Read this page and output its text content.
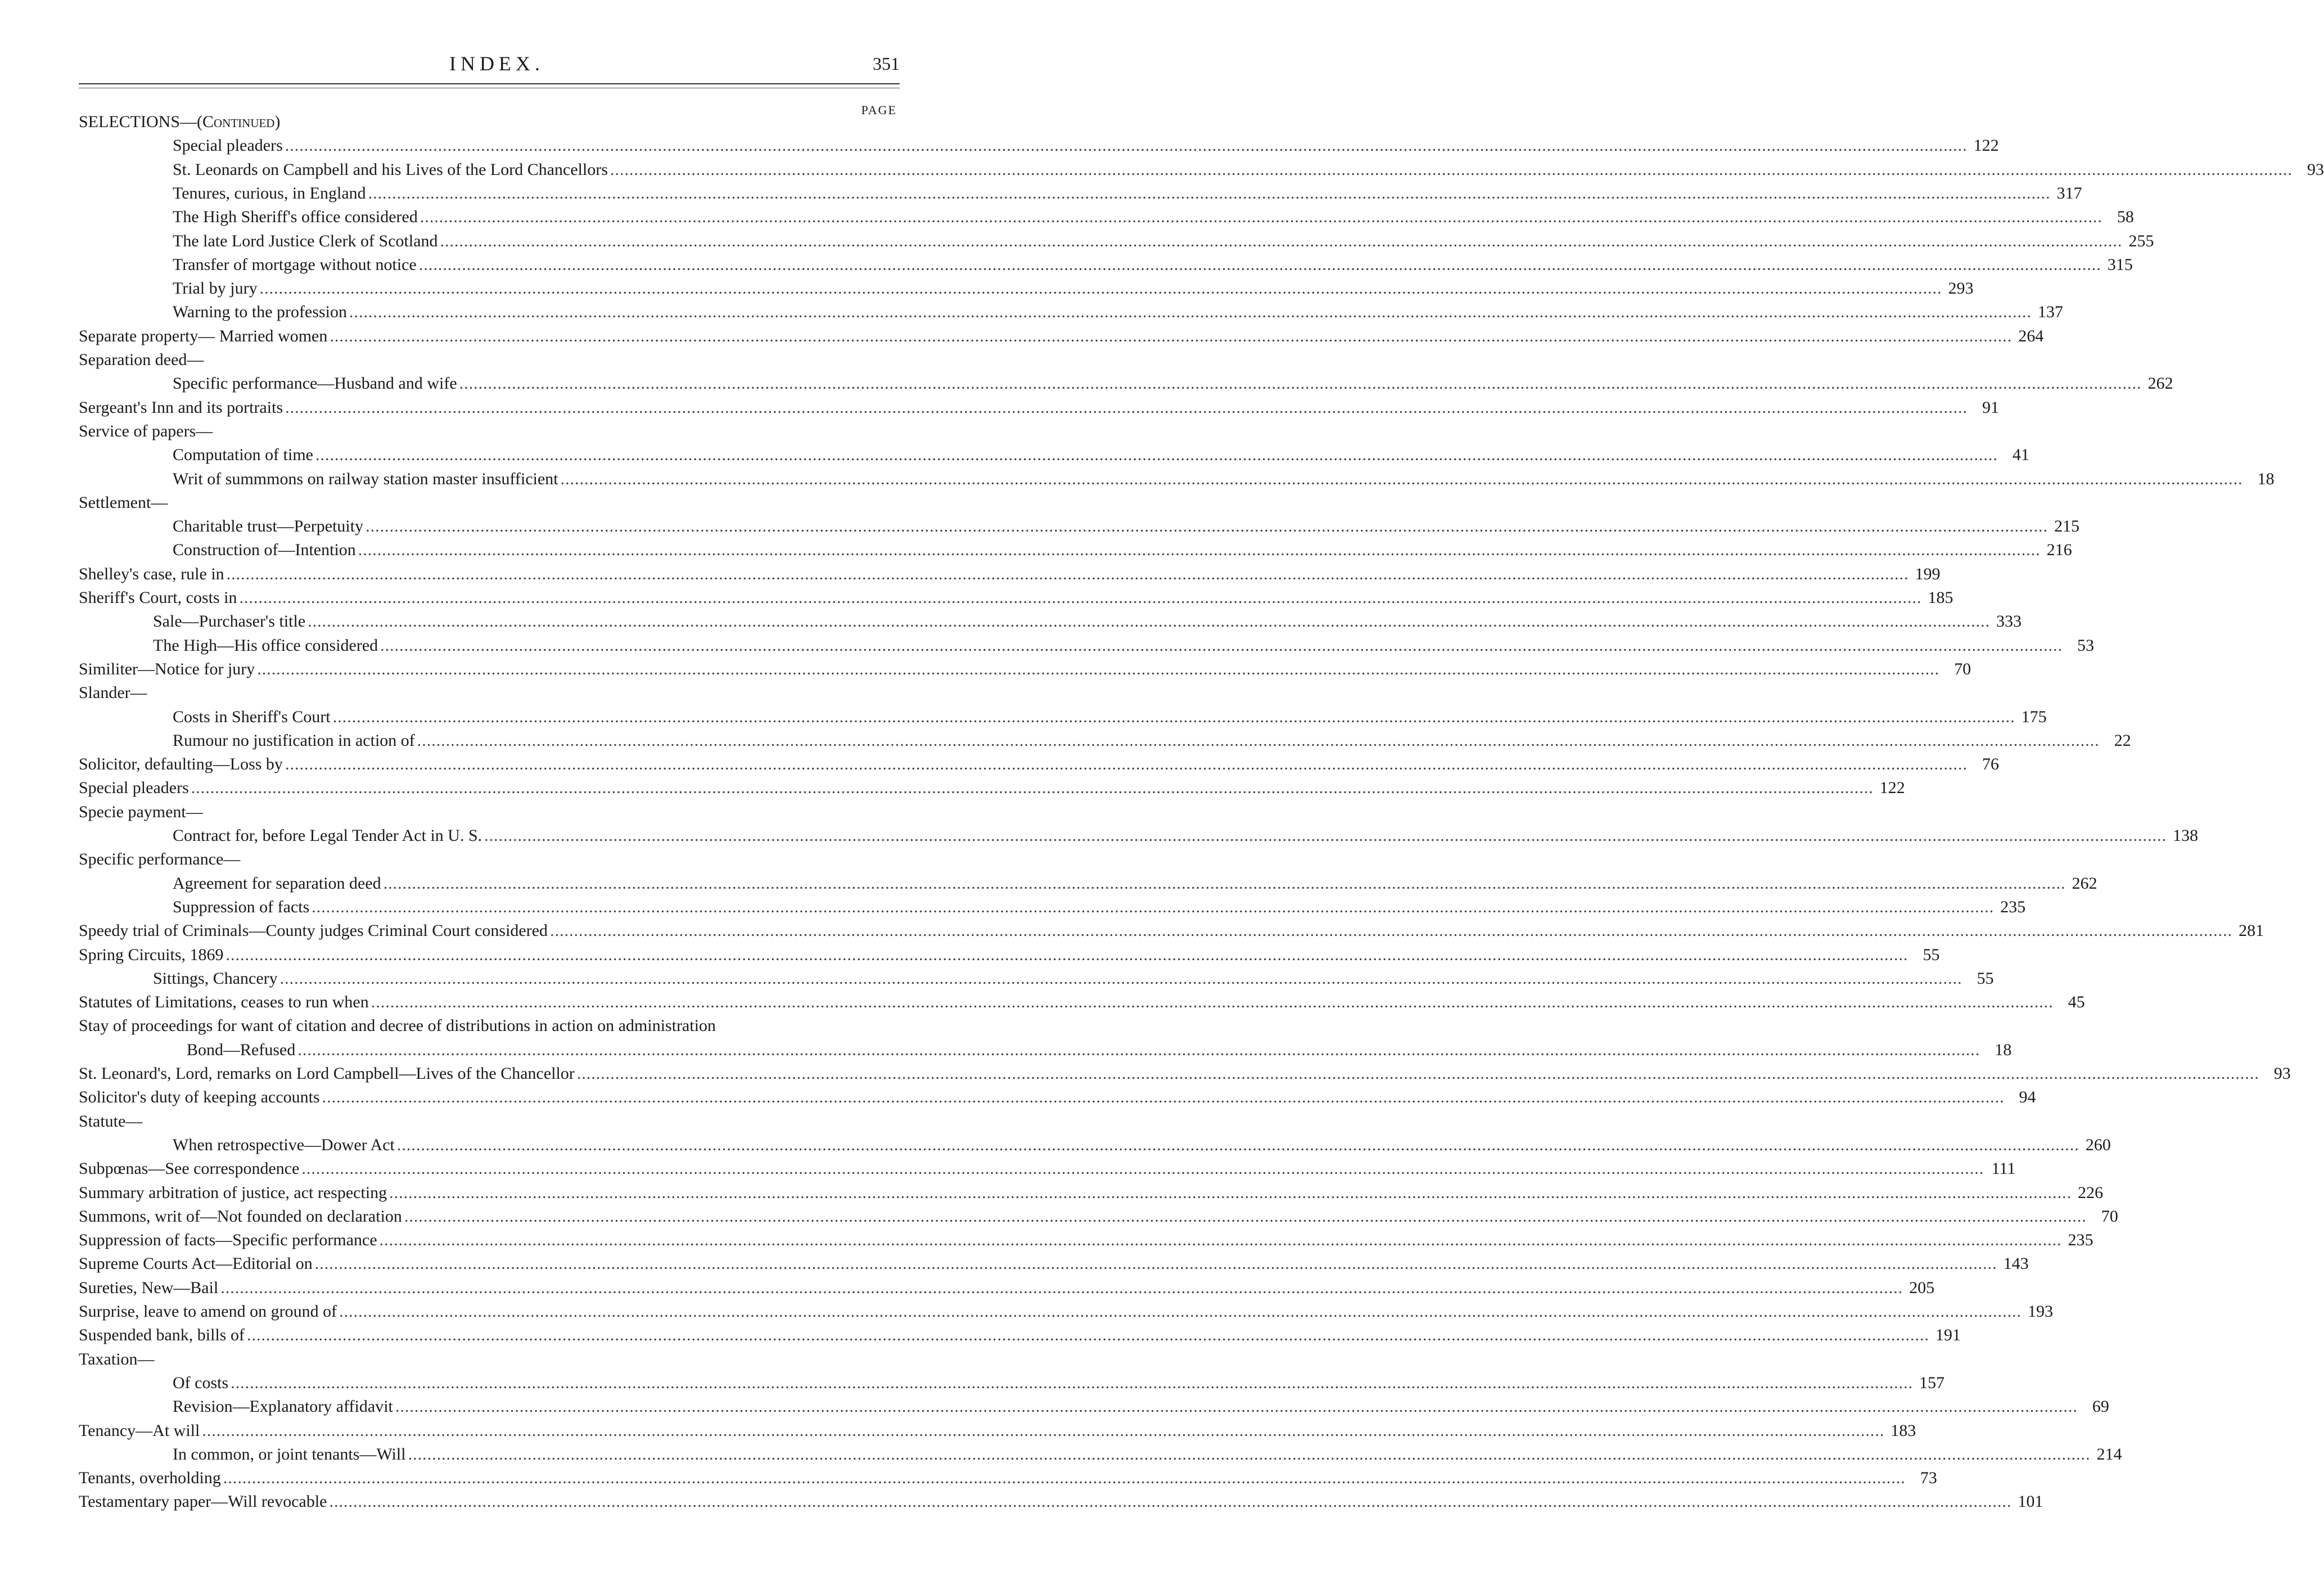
INDEX.	351
PAGE
SELECTIONS—(Continued)
Special pleaders .....	122
St. Leonards on Campbell and his Lives of the Lord Chancellors .....	93
Tenures, curious, in England .....	317
The High Sheriff's office considered .....	58
The late Lord Justice Clerk of Scotland .....	255
Transfer of mortgage without notice .....	315
Trial by jury .....	293
Warning to the profession .....	137
Separate property— Married women .....	264
Separation deed—
Specific performance—Husband and wife .....	262
Sergeant's Inn and its portraits .....	91
Service of papers—
Computation of time .....	41
Writ of summmons on railway station master insufficient .....	18
Settlement—
Charitable trust—Perpetuity .....	215
Construction of—Intention .....	216
Shelley's case, rule in .....	199
Sheriff's Court, costs in .....	185
Sale—Purchaser's title .....	333
The High—His office considered .....	53
Similiter—Notice for jury .....	70
Slander—
Costs in Sheriff's Court .....	175
Rumour no justification in action of .....	22
Solicitor, defaulting—Loss by .....	76
Special pleaders .....	122
Specie payment—
Contract for, before Legal Tender Act in U. S. .....	138
Specific performance—
Agreement for separation deed .....	262
Suppression of facts .....	235
Speedy trial of Criminals—County judges Criminal Court considered .....	281
Spring Circuits, 1869 .....	55
Sittings, Chancery .....	55
Statutes of Limitations, ceases to run when .....	45
Stay of proceedings for want of citation and decree of distributions in action on administration
Bond—Refused .....	18
St. Leonard's, Lord, remarks on Lord Campbell—Lives of the Chancellor .....	93
Solicitor's duty of keeping accounts .....	94
Statute—
When retrospective—Dower Act .....	260
Subpœnas—See correspondence .....	111
Summary arbitration of justice, act respecting .....	226
Summons, writ of—Not founded on declaration .....	70
Suppression of facts—Specific performance .....	235
Supreme Courts Act—Editorial on .....	143
Sureties, New—Bail .....	205
Surprise, leave to amend on ground of .....	193
Suspended bank, bills of .....	191
Taxation—
Of costs .....	157
Revision—Explanatory affidavit .....	69
Tenancy—At will .....	183
In common, or joint tenants—Will .....	214
Tenants, overholding .....	73
Testamentary paper—Will revocable .....	101
